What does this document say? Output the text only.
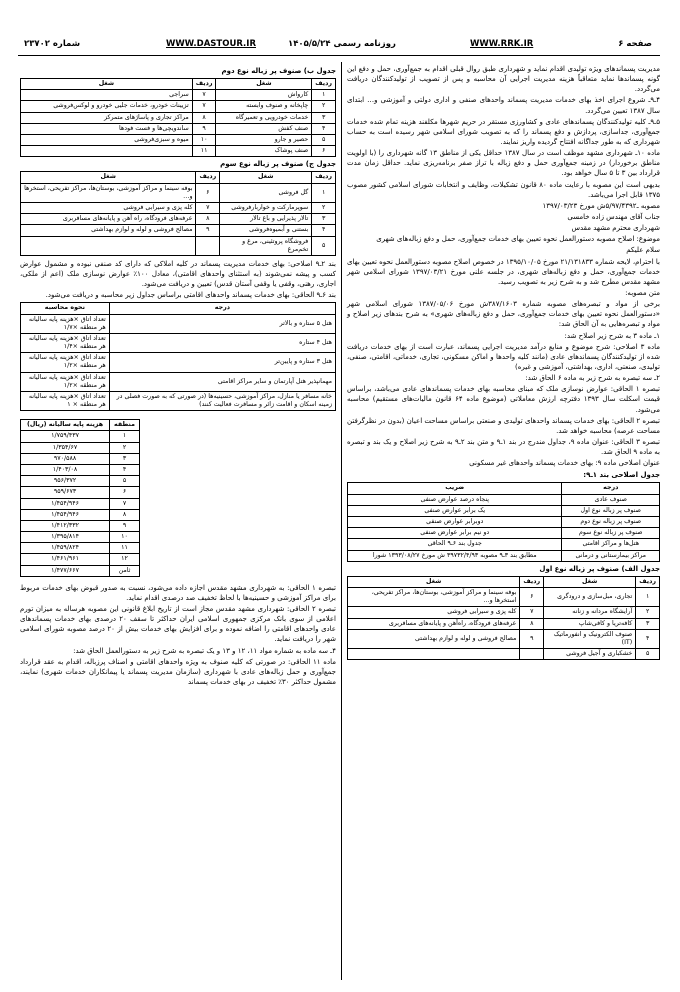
صفحه ۶
WWW.RRK.IR
روزنامه رسمی ۱۴۰۵/۵/۲۴
WWW.DASTOUR.IR
شماره ۲۳۷۰۲

مدیریت پسماندهای ویژه تولیدی اقدام نماید و شهرداری طبق روال قبلی اقدام به جمع‌آوری، حمل و دفع این گونه پسماندها نماید متعاقباً هزینه مدیریت اجرایی آن محاسبه و پس از تصویب از تولیدکنندگان دریافت می‌گردد.

۴ـ۹ـ شروع اجرای اخذ بهای خدمات مدیریت پسماند واحدهای صنفی و اداری دولتی و آموزشی و… ابتدای سال ۱۳۸۷ تعیین می‌گردد.

۵ـ۹ـ کلیه تولیدکنندگان پسماندهای عادی و کشاورزی مستقر در حریم شهرها مکلفند هزینه تمام شده خدمات جمع‌آوری، جداسازی، پردازش و دفع پسماند را که به تصویب شورای اسلامی شهر رسیده است به حساب شهرداری که به طور جداگانه افتتاح گردیده واریز نمایند.

ماده ۱۰ـ شهرداری مشهد موظف است در سال ۱۳۸۷ حداقل یکی از مناطق ۱۳ گانه شهرداری را (با اولویت مناطق برخوردار) در زمینه جمع‌آوری حمل و دفع زباله با تراز صفر برنامه‌ریزی نماید. حداقل زمان مدت قرارداد بین ۳ تا ۵ سال خواهد بود.

بدیهی است این مصوبه با رعایت ماده ۸۰ قانون تشکیلات، وظایف و انتخابات شورای اسلامی کشور مصوب ۱۳۷۵ قابل اجرا می‌باشد.

مصوبه ـ۵/۹۷/۴۳۹۲ش مورخ ۱۳۹۷/۰۳/۲۳

جناب آقای مهندس زاده خامسی

شهرداری محترم مشهد مقدس

موضوع: اصلاح مصوبه دستورالعمل نحوه تعیین بهای خدمات جمع‌آوری، حمل و دفع زباله‌های شهری

سلام علیکم

با احترام، لایحه شماره ۲۱/۱۳۱۸۳۳ مورخ ۱۳۹۵/۱۰/۰۵ در خصوص اصلاح مصوبه دستورالعمل نحوه تعیین بهای خدمات جمع‌آوری، حمل و دفع زباله‌های شهری، در جلسه علنی مورخ ۱۳۹۷/۰۳/۲۱ شورای اسلامی شهر مشهد مقدس مطرح شد و به شرح زیر به تصویب رسید.

متن مصوبه:

برخی از مواد و تبصره‌های مصوبه شماره ۳۸۷/۱۶۰۳ش مورخ ۱۳۸۷/۰۵/۰۶ شورای اسلامی شهر «دستورالعمل نحوه تعیین بهای خدمات جمع‌آوری، حمل و دفع زباله‌های شهری» به شرح بندهای زیر اصلاح و مواد و تبصره‌هایی به آن الحاق شد:

۱ـ ماده ۳ به شرح زیر اصلاح شد:

ماده ۳ اصلاحی: شرح موضوع و منابع درآمد مدیریت اجرایی پسماند، عبارت است از بهای خدمات دریافت شده از تولیدکنندگان پسماندهای عادی (مانند کلیه واحدها و اماکن مسکونی، تجاری، خدماتی، اقامتی، صنفی، تولیدی، صنعتی، اداری، بهداشتی، آموزشی و غیره)

۲ـ سه تبصره به شرح زیر به ماده ۶ الحاق شد:

تبصره ۱ الحاقی: عوارض نوسازی ملک که مبنای محاسبه بهای خدمات پسماندهای عادی می‌باشد، براساس قیمت اسکلت سال ۱۳۹۳ دفترچه ارزش معاملاتی (موضوع ماده ۶۴ قانون مالیات‌های مستقیم) محاسبه می‌شود.

تبصره ۲ الحاقی: بهای خدمات پسماند واحدهای تولیدی و صنعتی براساس مساحت اعیان (بدون در نظرگرفتن مساحت عرصه) محاسبه خواهد شد.

تبصره ۳ الحاقی: عنوان ماده ۹، جداول مندرج در بند ۱ـ۹ و متن بند ۲ـ۹ به شرح زیر اصلاح و یک بند و تبصره به ماده ۹ الحاق شد.

عنوان اصلاحی ماده ۹: بهای خدمات پسماند واحدهای غیر مسکونی

جدول اصلاحی بند ۱ـ۹:
درجه	ضریب
صنوف عادی	پنجاه درصد عوارض صنفی
صنوف پر زباله نوع اول	یک برابر عوارض صنفی
صنوف پر زباله نوع دوم	دوبرابر عوارض صنفی
صنوف پر زباله نوع سوم	دو نیم برابر عوارض صنفی
هتل‌ها و مراکز اقامتی	جدول بند ۶ـ۹ الحاقی
مراکز بیمارستانی و درمانی	مطابق بند ۳ـ۹ مصوبه ۳۹۷۳۲/۴/۹۳ ش مورخ ۱۳۹۳/۰۸/۲۷ شورا
جدول الف) صنوف پر زباله نوع اول
ردیف	شغل	ردیف	شغل
۱	تجاری، مبل‌سازی و درودگری	۶	بوفه سینما و مراکز آموزشی، بوستان‌ها، مراکز تفریحی، استخرها و…
۲	آرایشگاه مردانه و زنانه	۷	کله پزی و سیرابی فروشی
۳	کافه‌تریا و کافی‌شاپ	۸	عرفه‌های فرودگاه، راه‌آهن و پایانه‌های مسافربری
۴	صنوف الکترونیک و انفورماتیک (IT)	۹	مصالح فروشی و لوله و لوازم بهداشتی
۵	خشکباری و آجیل فروشی		
جدول ب) صنوف پر زباله نوع دوم
ردیف	شغل	ردیف	شغل
۱	کارواش	۷	سراجی
۲	چاپخانه و صنوف وابسته	۷	تزیینات خودرو، خدمات جلیی خودرو و لوکس‌فروشی
۳	خدمات خودرویی و تعمیرگاه	۸	مراکز تجاری و پاساژهای متمرکز
۴	صنف کفش	۹	ساندویچی‌ها و فست فودها
۵	حصیر و جارو	۱۰	میوه و سبزی‌فروشی
۶	صنف پوشاک	۱۱	
جدول ج) صنوف پر زباله نوع سوم
ردیف	شغل	ردیف	شغل
۱	گل فروشی	۶	بوفه سینما و مراکز آموزشی، بوستان‌ها، مراکز تفریحی، استخرها و…
۲	سوپرمارکت و خواربارفروشی	۷	کله پزی و سیرابی فروشی
۳	تالار پذیرایی و باغ تالار	۸	عرفه‌های فرودگاه، راه آهن و پایانه‌های مسافربری
۴	بستنی و آبمیوه‌فروشی	۹	مصالح فروشی و لوله و لوازم بهداشتی
۵	فروشگاه پروتئینی، مرغ و تخم‌مرغ		

بند ۲ـ۹ اصلاحی: بهای خدمات مدیریت پسماند در کلیه املاکی که دارای کد صنفی نبوده و مشمول عوارض کسب و پیشه نمی‌شوند (به استثنای واحدهای اقامتی)، معادل ۱۰۰٪ عوارض نوسازی ملک (اعم از ملکی، اجاری، رهنی، وقفی یا وقفی آستان قدس) تعیین و دریافت می‌شود.

بند ۶ـ۹ الحاقی: بهای خدمات پسماند واحدهای اقامتی براساس جداول زیر محاسبه و دریافت می‌شود.

درجه	نحوه محاسبه
هتل ۵ ستاره و بالاتر	تعداد اتاق ×هزینه پایه سالیانه هر منطقه ×۱/۷
هتل ۴ ستاره	تعداد اتاق ×هزینه پایه سالیانه هر منطقه ×۱/۴
هتل ۳ ستاره و پایین‌تر	تعداد اتاق ×هزینه پایه سالیانه هر منطقه ×۱/۲
مهمانپذیر هتل آپارتمان و سایر مراکز اقامتی	تعداد اتاق ×هزینه پایه سالیانه هر منطقه ×۱/۲
خانه مسافر یا منازل، مراکز آموزشی، حسینیه‌ها (در صورتی که به صورت فصلی در زمینه اسکان و اقامت زائر و مسافرت فعالیت کنند)	تعداد اتاق ×هزینه پایه سالیانه هر منطقه × ۱
منطقه	هزینه پایه سالیانه (ریال)
۱	۱/۷۵۹/۴۳۷
۲	۱/۳۵۴/۶۷
۳	۹۷۰/۵۸۸
۴	۱/۴۰۳/۰۸
۵	۹۵۶/۳۷۲
۶	۹۵۹/۶۷۳
۷	۱/۴۵۴/۹۴۶
۸	۱/۴۵۴/۹۴۶
۹	۱/۴۱۲/۳۳۲
۱۰	۱/۳۹۵/۸۱۴
۱۱	۱/۴۵۹/۸۲۴
۱۲	۱/۴۶۱/۹۶۱
ثامن	۱/۴۷۷/۶۶۷

تبصره ۱ الحاقی: به شهرداری مشهد مقدس اجازه داده می‌شود، نسبت به صدور قبوض بهای خدمات مربوط برای مراکز آموزشی و حسینیه‌ها با لحاظ تخفیف صد درصدی اقدام نماید.

تبصره ۲ الحاقی: شهرداری مشهد مقدس مجاز است از تاریخ ابلاغ قانونی این مصوبه هرساله به میزان تورم اعلامی از سوی بانک مرکزی جمهوری اسلامی ایران حداکثر تا سقف ۲۰ درصدی بهای خدمات پسماندهای عادی واحدهای اقامتی را اضافه نموده و برای افزایش بهای خدمات بیش از ۲۰ درصد مصوبه شورای اسلامی شهر را دریافت نماید.

۴ـ سه ماده به شماره مواد ۱۱، ۱۲ و ۱۳ و یک تبصره به شرح زیر به دستورالعمل الحاق شد:

ماده ۱۱ الحاقی: در صورتی که کلیه صنوف به ویژه واحدهای اقامتی و اصناف پرزباله، اقدام به عقد قرارداد جمع‌آوری و حمل زباله‌های عادی با شهرداری (سازمان مدیریت پسماند یا پیمانکاران خدمات شهری) نمایند، مشمول حداکثر ۳۰٪ تخفیف در بهای خدمات پسماند
